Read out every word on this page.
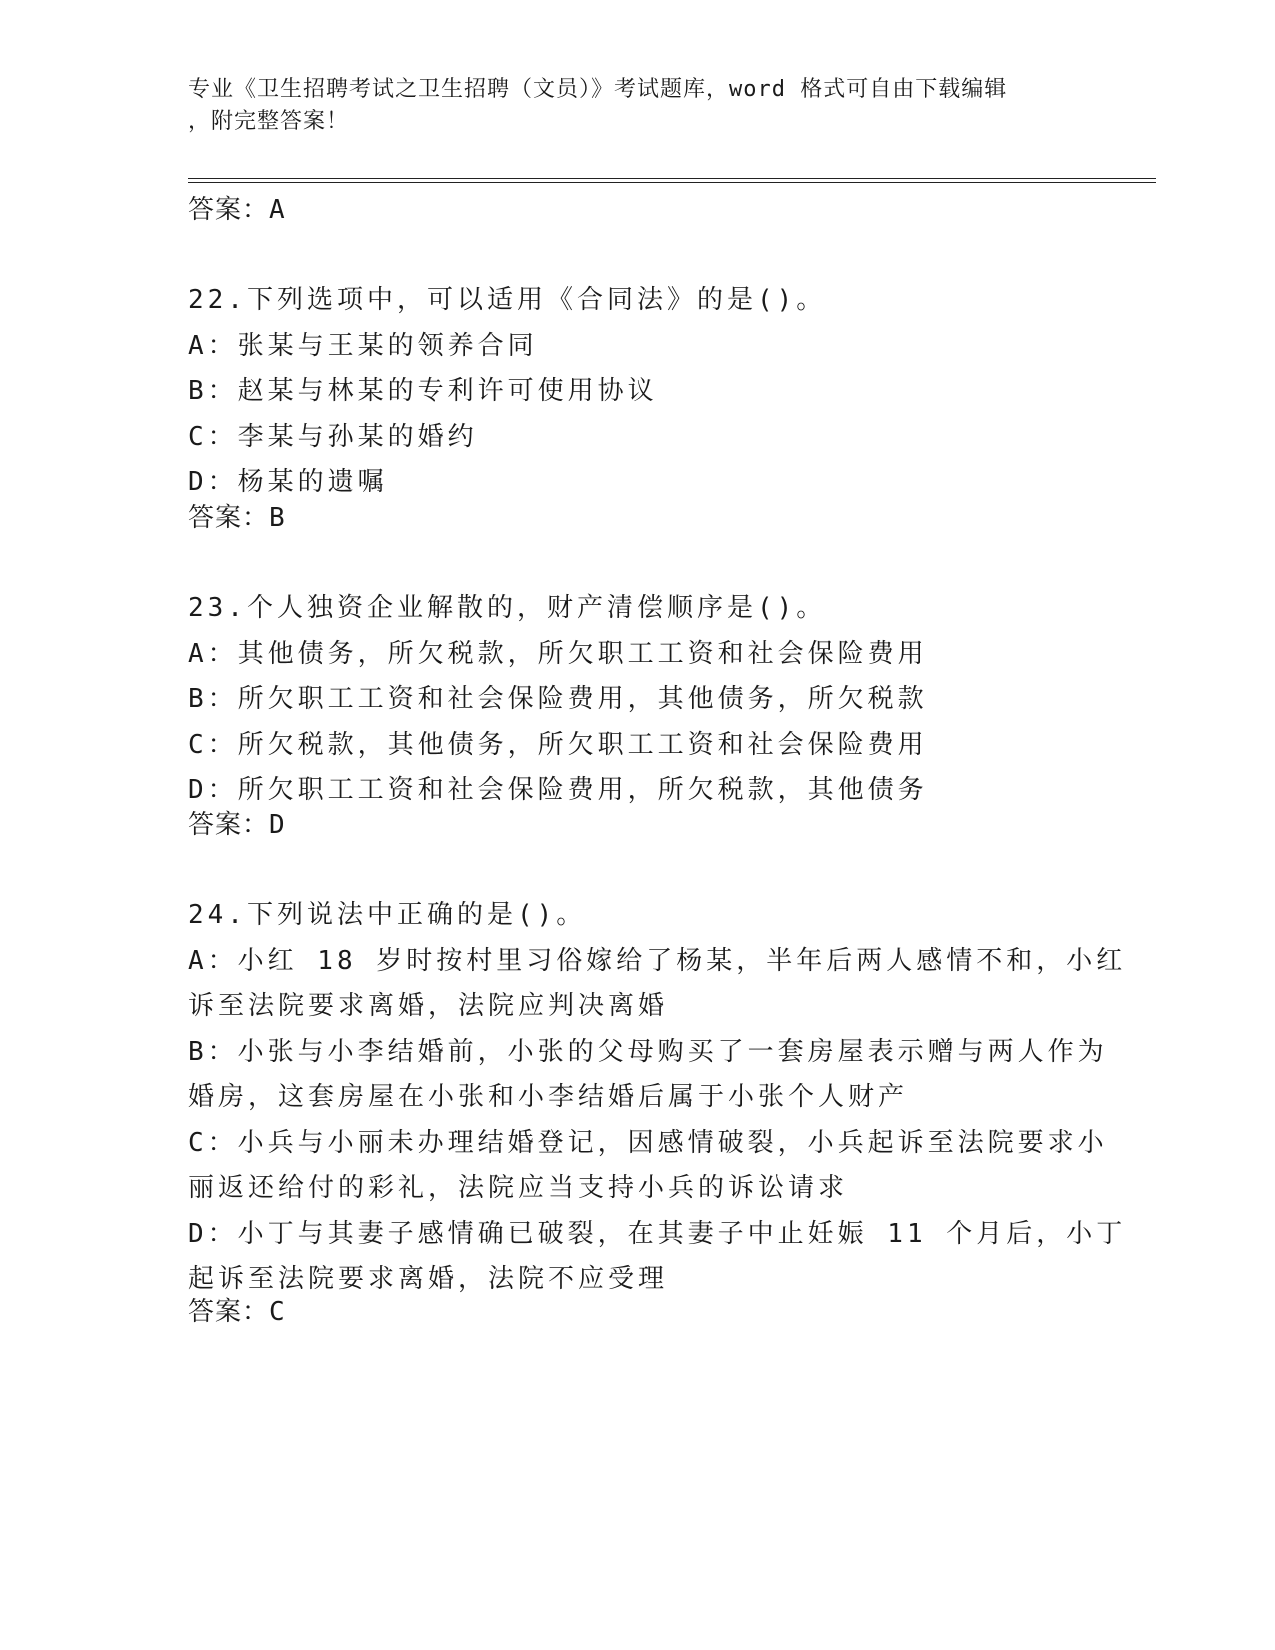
专业《卫生招聘考试之卫生招聘（文员）》考试题库，word 格式可自由下载编辑
，附完整答案！
答案：A
22.下列选项中，可以适用《合同法》的是()。
A：张某与王某的领养合同
B：赵某与林某的专利许可使用协议
C：李某与孙某的婚约
D：杨某的遗嘱
答案：B
23.个人独资企业解散的，财产清偿顺序是()。
A：其他债务，所欠税款，所欠职工工资和社会保险费用
B：所欠职工工资和社会保险费用，其他债务，所欠税款
C：所欠税款，其他债务，所欠职工工资和社会保险费用
D：所欠职工工资和社会保险费用，所欠税款，其他债务
答案：D
24.下列说法中正确的是()。
A：小红 18 岁时按村里习俗嫁给了杨某，半年后两人感情不和，小红
诉至法院要求离婚，法院应判决离婚
B：小张与小李结婚前，小张的父母购买了一套房屋表示赠与两人作为
婚房，这套房屋在小张和小李结婚后属于小张个人财产
C：小兵与小丽未办理结婚登记，因感情破裂，小兵起诉至法院要求小
丽返还给付的彩礼，法院应当支持小兵的诉讼请求
D：小丁与其妻子感情确已破裂，在其妻子中止妊娠 11 个月后，小丁
起诉至法院要求离婚，法院不应受理
答案：C
